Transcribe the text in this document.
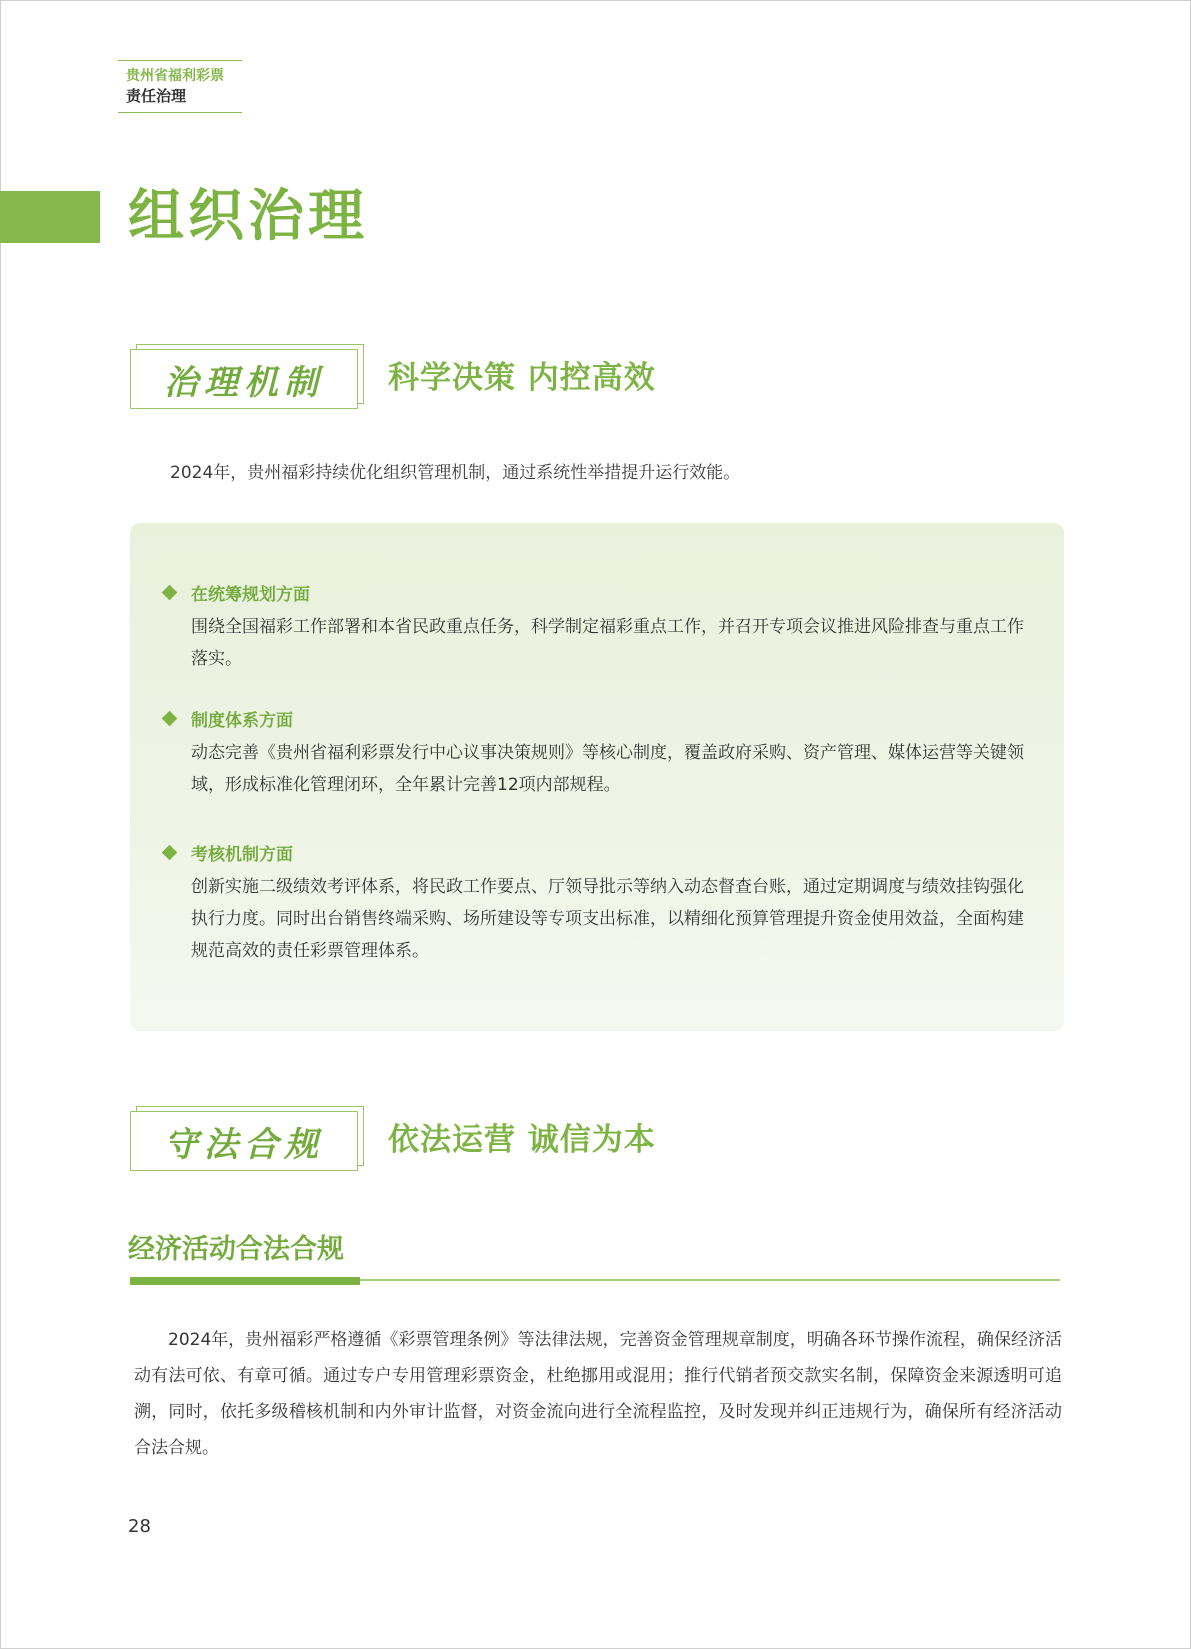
贵州省福利彩票
责任治理
组织治理
治理机制 科学决策 内控高效
2024年，贵州福彩持续优化组织管理机制，通过系统性举措提升运行效能。
在统筹规划方面
围绕全国福彩工作部署和本省民政重点任务，科学制定福彩重点工作，并召开专项会议推进风险排查与重点工作落实。
制度体系方面
动态完善《贵州省福利彩票发行中心议事决策规则》等核心制度，覆盖政府采购、资产管理、媒体运营等关键领域，形成标准化管理闭环，全年累计完善12项内部规程。
考核机制方面
创新实施二级绩效考评体系，将民政工作要点、厅领导批示等纳入动态督查台账，通过定期调度与绩效挂钩强化执行力度。同时出台销售终端采购、场所建设等专项支出标准，以精细化预算管理提升资金使用效益，全面构建规范高效的责任彩票管理体系。
守法合规 依法运营 诚信为本
经济活动合法合规
2024年，贵州福彩严格遵循《彩票管理条例》等法律法规，完善资金管理规章制度，明确各环节操作流程，确保经济活动有法可依、有章可循。通过专户专用管理彩票资金，杜绝挪用或混用；推行代销者预交款实名制，保障资金来源透明可追溯，同时，依托多级稽核机制和内外审计监督，对资金流向进行全流程监控，及时发现并纠正违规行为，确保所有经济活动合法合规。
28
